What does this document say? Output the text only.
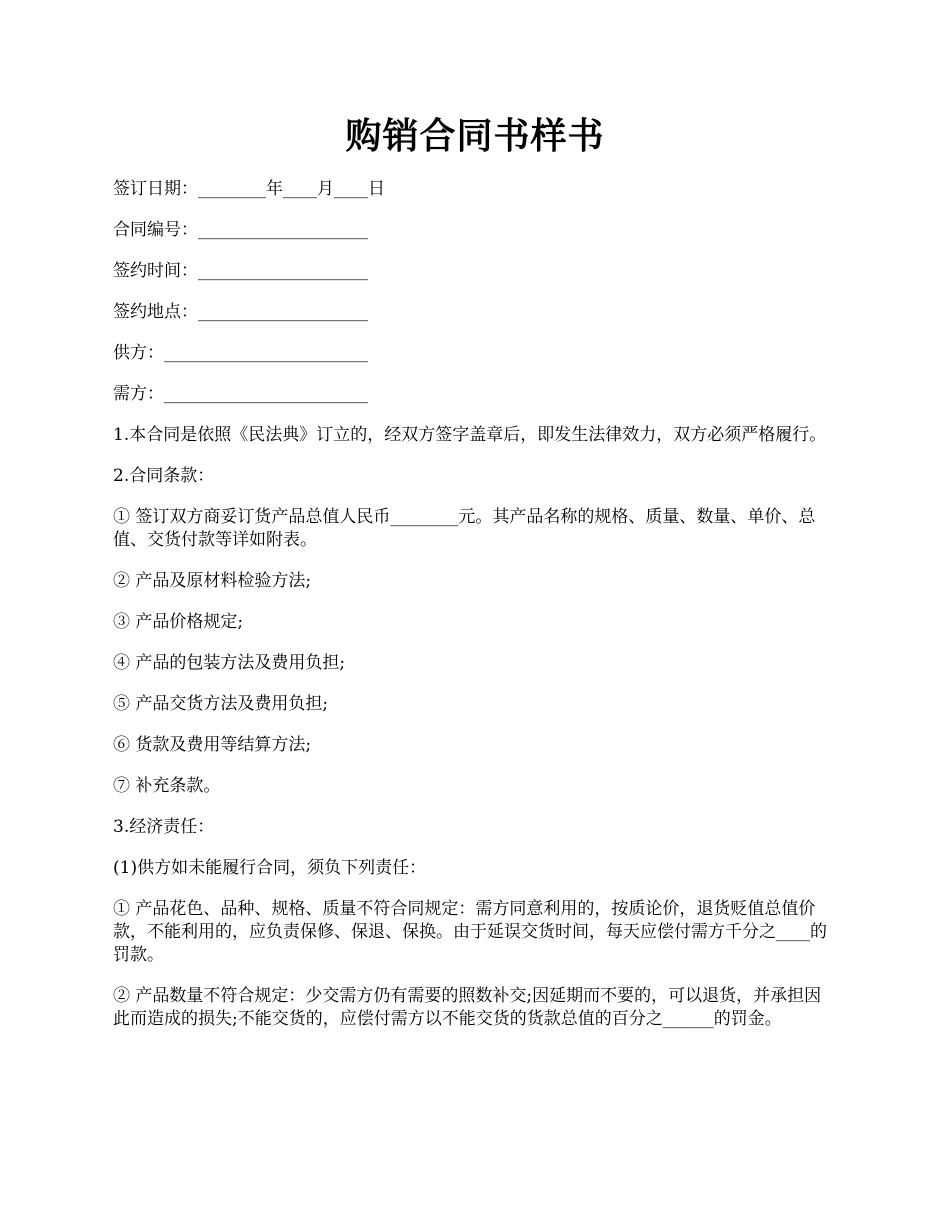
购销合同书样书
签订日期：________年____月____日
合同编号：____________________
签约时间：____________________
签约地点：____________________
供方：________________________
需方：________________________

1.本合同是依照《民法典》订立的，经双方签字盖章后，即发生法律效力，双方必须严格履行。

2.合同条款：

① 签订双方商妥订货产品总值人民币________元。其产品名称的规格、质量、数量、单价、总值、交货付款等详如附表。

② 产品及原材料检验方法;

③ 产品价格规定;

④ 产品的包装方法及费用负担;

⑤ 产品交货方法及费用负担;

⑥ 货款及费用等结算方法;

⑦ 补充条款。

3.经济责任：

(1)供方如未能履行合同，须负下列责任：

① 产品花色、品种、规格、质量不符合同规定：需方同意利用的，按质论价，退货贬值总值价款，不能利用的，应负责保修、保退、保换。由于延误交货时间，每天应偿付需方千分之____的罚款。

② 产品数量不符合规定：少交需方仍有需要的照数补交;因延期而不要的，可以退货，并承担因此而造成的损失;不能交货的，应偿付需方以不能交货的货款总值的百分之______的罚金。
